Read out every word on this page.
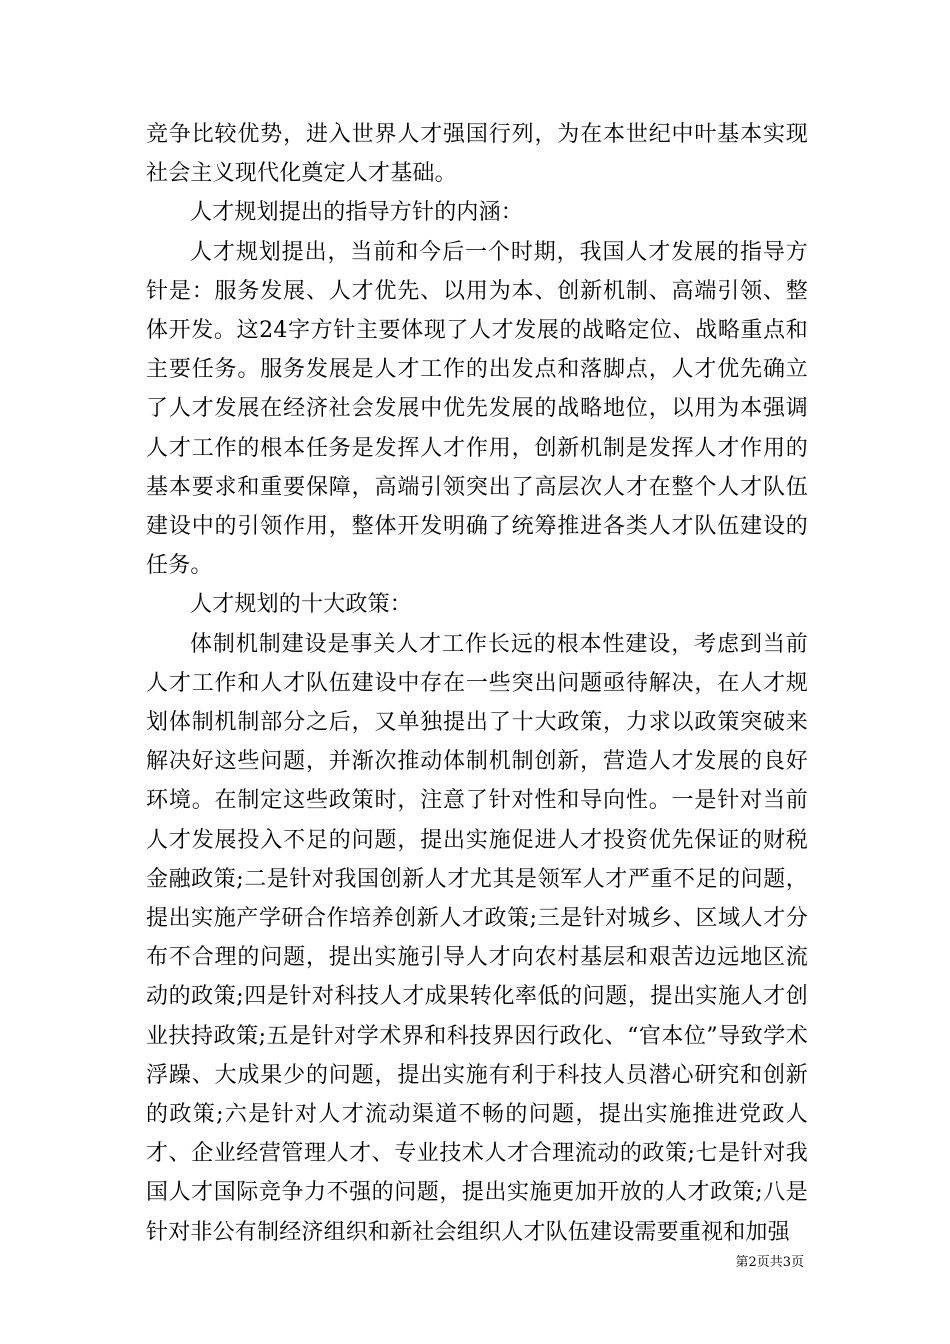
竞争比较优势，进入世界人才强国行列，为在本世纪中叶基本实现社会主义现代化奠定人才基础。

人才规划提出的指导方针的内涵：

人才规划提出，当前和今后一个时期，我国人才发展的指导方针是：服务发展、人才优先、以用为本、创新机制、高端引领、整体开发。这24字方针主要体现了人才发展的战略定位、战略重点和主要任务。服务发展是人才工作的出发点和落脚点，人才优先确立了人才发展在经济社会发展中优先发展的战略地位，以用为本强调人才工作的根本任务是发挥人才作用，创新机制是发挥人才作用的基本要求和重要保障，高端引领突出了高层次人才在整个人才队伍建设中的引领作用，整体开发明确了统筹推进各类人才队伍建设的任务。

人才规划的十大政策：

体制机制建设是事关人才工作长远的根本性建设，考虑到当前人才工作和人才队伍建设中存在一些突出问题亟待解决，在人才规划体制机制部分之后，又单独提出了十大政策，力求以政策突破来解决好这些问题，并渐次推动体制机制创新，营造人才发展的良好环境。在制定这些政策时，注意了针对性和导向性。一是针对当前人才发展投入不足的问题，提出实施促进人才投资优先保证的财税金融政策;二是针对我国创新人才尤其是领军人才严重不足的问题，提出实施产学研合作培养创新人才政策;三是针对城乡、区域人才分布不合理的问题，提出实施引导人才向农村基层和艰苦边远地区流动的政策;四是针对科技人才成果转化率低的问题，提出实施人才创业扶持政策;五是针对学术界和科技界因行政化、“官本位”导致学术浮躁、大成果少的问题，提出实施有利于科技人员潜心研究和创新的政策;六是针对人才流动渠道不畅的问题，提出实施推进党政人才、企业经营管理人才、专业技术人才合理流动的政策;七是针对我国人才国际竞争力不强的问题，提出实施更加开放的人才政策;八是针对非公有制经济组织和新社会组织人才队伍建设需要重视和加强

第2页共3页
